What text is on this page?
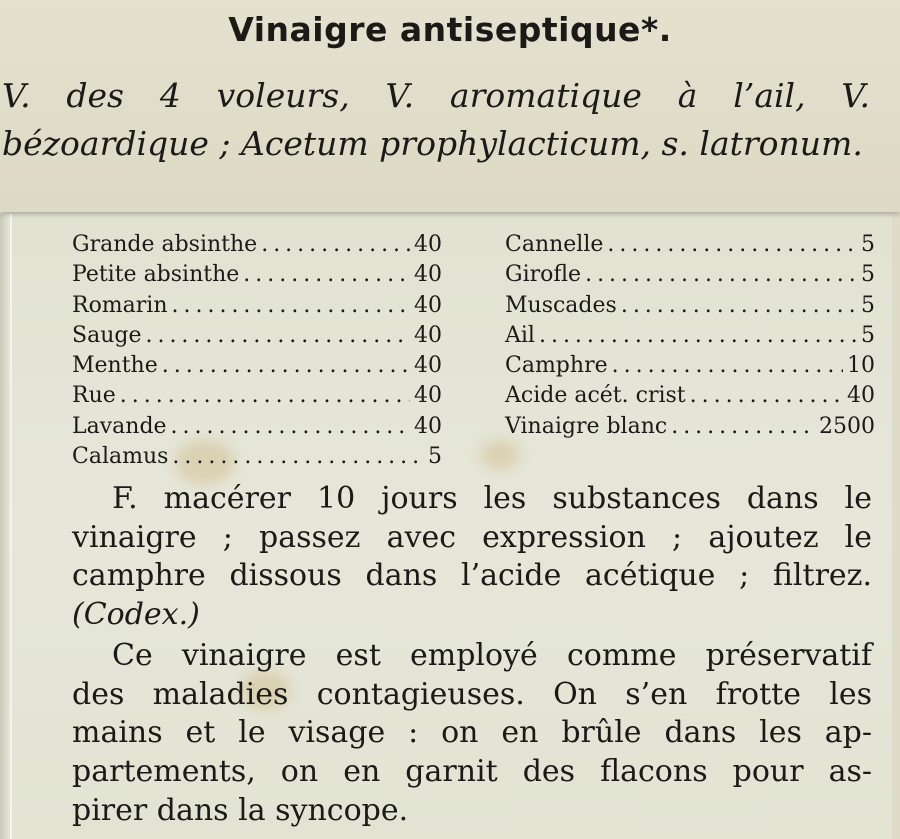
Vinaigre antiseptique*.

V. des 4 voleurs, V. aromatique à l’ail, V. bézoardique ; Acetum prophylacticum, s. latronum.

Grande absinthe . . .	40
Petite absinthe . . .	40
Romarin . . .	40
Sauge . . .	40
Menthe . . .	40
Rue . . .	40
Lavande . . .	40
Calamus . . .	5
Cannelle . . .	5
Girofle . . .	5
Muscades . . .	5
Ail . . .	5
Camphre . . .	10
Acide acét. crist . . .	40
Vinaigre blanc . . .	2500
F. macérer 10 jours les substances dans le
vinaigre ; passez avec expression ; ajoutez le
camphre dissous dans l’acide acétique ; filtrez.
(Codex.)
Ce vinaigre est employé comme préservatif
des maladies contagieuses. On s’en frotte les
mains et le visage : on en brûle dans les ap-
partements, on en garnit des flacons pour as-
pirer dans la syncope.
